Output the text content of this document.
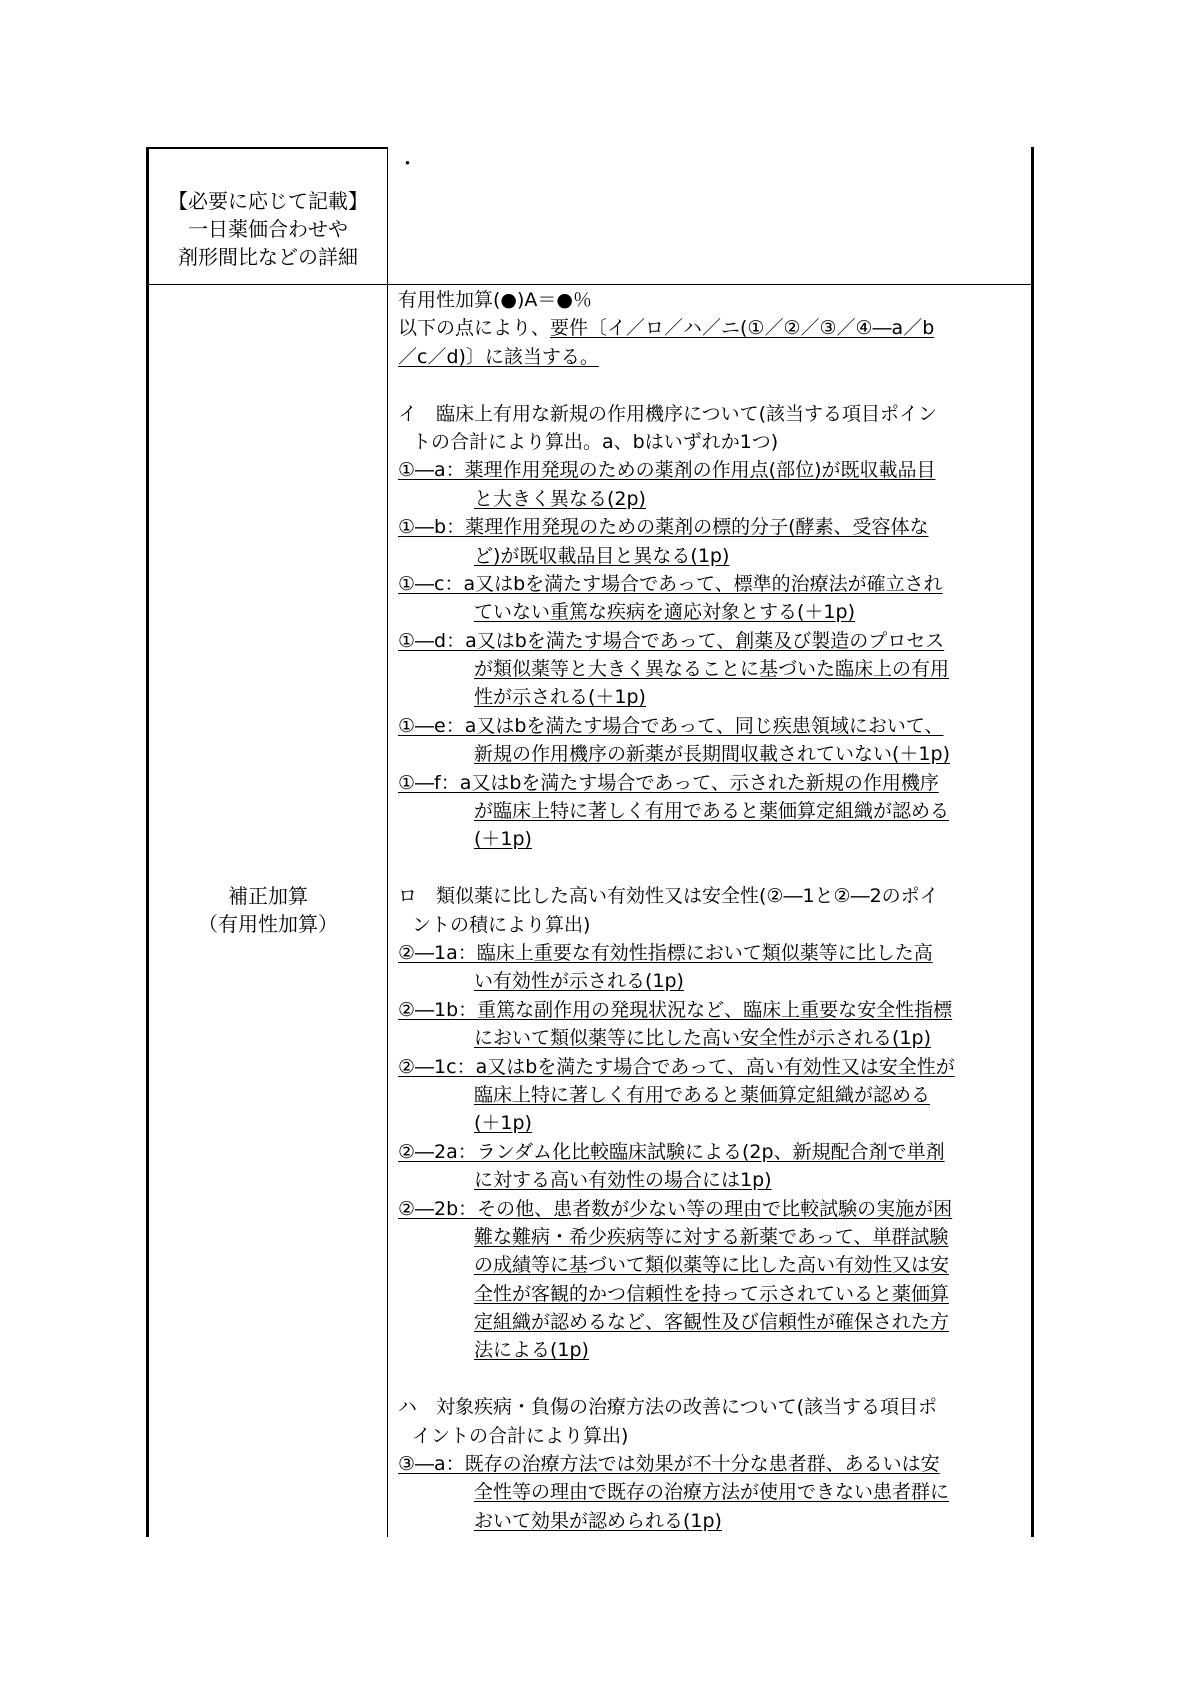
【必要に応じて記載】
一日薬価合わせや
剤形間比などの詳細
・
補正加算
（有用性加算）
有用性加算(●)A＝●％
以下の点により、要件〔イ／ロ／ハ／ニ(①／②／③／④―a／b
／c／d)〕に該当する。
イ　臨床上有用な新規の作用機序について(該当する項目ポイン
トの合計により算出。a、bはいずれか1つ)
①―a：薬理作用発現のための薬剤の作用点(部位)が既収載品目
と大きく異なる(2p)
①―b：薬理作用発現のための薬剤の標的分子(酵素、受容体な
ど)が既収載品目と異なる(1p)
①―c：a又はbを満たす場合であって、標準的治療法が確立され
ていない重篤な疾病を適応対象とする(＋1p)
①―d：a又はbを満たす場合であって、創薬及び製造のプロセス
が類似薬等と大きく異なることに基づいた臨床上の有用
性が示される(＋1p)
①―e：a又はbを満たす場合であって、同じ疾患領域において、
新規の作用機序の新薬が長期間収載されていない(＋1p)
①―f：a又はbを満たす場合であって、示された新規の作用機序
が臨床上特に著しく有用であると薬価算定組織が認める
(＋1p)
ロ　類似薬に比した高い有効性又は安全性(②―1と②―2のポイ
ントの積により算出)
②―1a：臨床上重要な有効性指標において類似薬等に比した高
い有効性が示される(1p)
②―1b：重篤な副作用の発現状況など、臨床上重要な安全性指標
において類似薬等に比した高い安全性が示される(1p)
②―1c：a又はbを満たす場合であって、高い有効性又は安全性が
臨床上特に著しく有用であると薬価算定組織が認める
(＋1p)
②―2a：ランダム化比較臨床試験による(2p、新規配合剤で単剤
に対する高い有効性の場合には1p)
②―2b：その他、患者数が少ない等の理由で比較試験の実施が困
難な難病・希少疾病等に対する新薬であって、単群試験
の成績等に基づいて類似薬等に比した高い有効性又は安
全性が客観的かつ信頼性を持って示されていると薬価算
定組織が認めるなど、客観性及び信頼性が確保された方
法による(1p)
ハ　対象疾病・負傷の治療方法の改善について(該当する項目ポ
イントの合計により算出)
③―a：既存の治療方法では効果が不十分な患者群、あるいは安
全性等の理由で既存の治療方法が使用できない患者群に
おいて効果が認められる(1p)
